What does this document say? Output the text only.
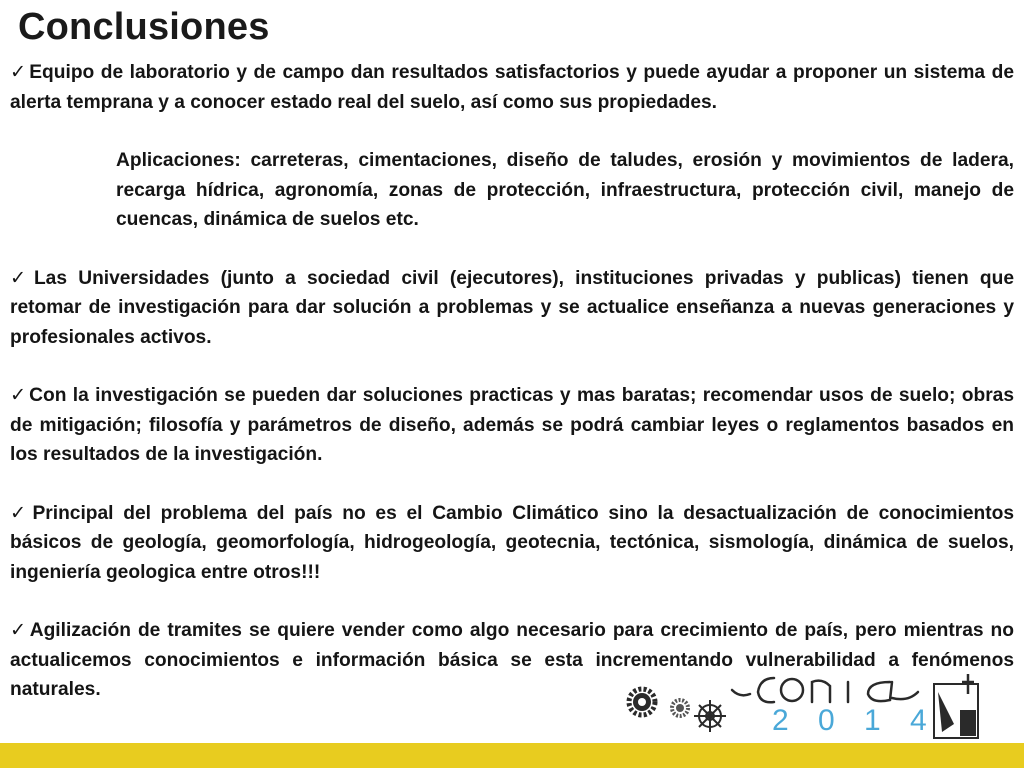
Conclusiones

✓ Equipo de laboratorio y de campo dan resultados satisfactorios y puede ayudar a proponer un sistema de alerta temprana y a conocer estado real del suelo, así como sus propiedades.

Aplicaciones: carreteras, cimentaciones, diseño de taludes, erosión y movimientos de ladera, recarga hídrica, agronomía, zonas de protección, infraestructura, protección civil, manejo de cuencas, dinámica de suelos etc.

✓ Las Universidades (junto a sociedad civil (ejecutores), instituciones privadas y publicas) tienen que retomar de investigación para dar solución a problemas y se actualice enseñanza a nuevas generaciones y profesionales activos.

✓ Con la investigación se pueden dar soluciones practicas y mas baratas; recomendar usos de suelo; obras de mitigación; filosofía y parámetros de diseño, además se podrá cambiar leyes o reglamentos basados en los resultados de la investigación.

✓ Principal del problema del país no es el Cambio Climático sino la desactualización de conocimientos básicos de geología, geomorfología, hidrogeología, geotecnia, tectónica, sismología, dinámica de suelos, ingeniería geologica entre otros!!!

✓ Agilización de tramites se quiere vender como algo necesario para crecimiento de país, pero mientras no actualicemos conocimientos e información básica se esta incrementando vulnerabilidad a fenómenos naturales.

2 0 1 4
